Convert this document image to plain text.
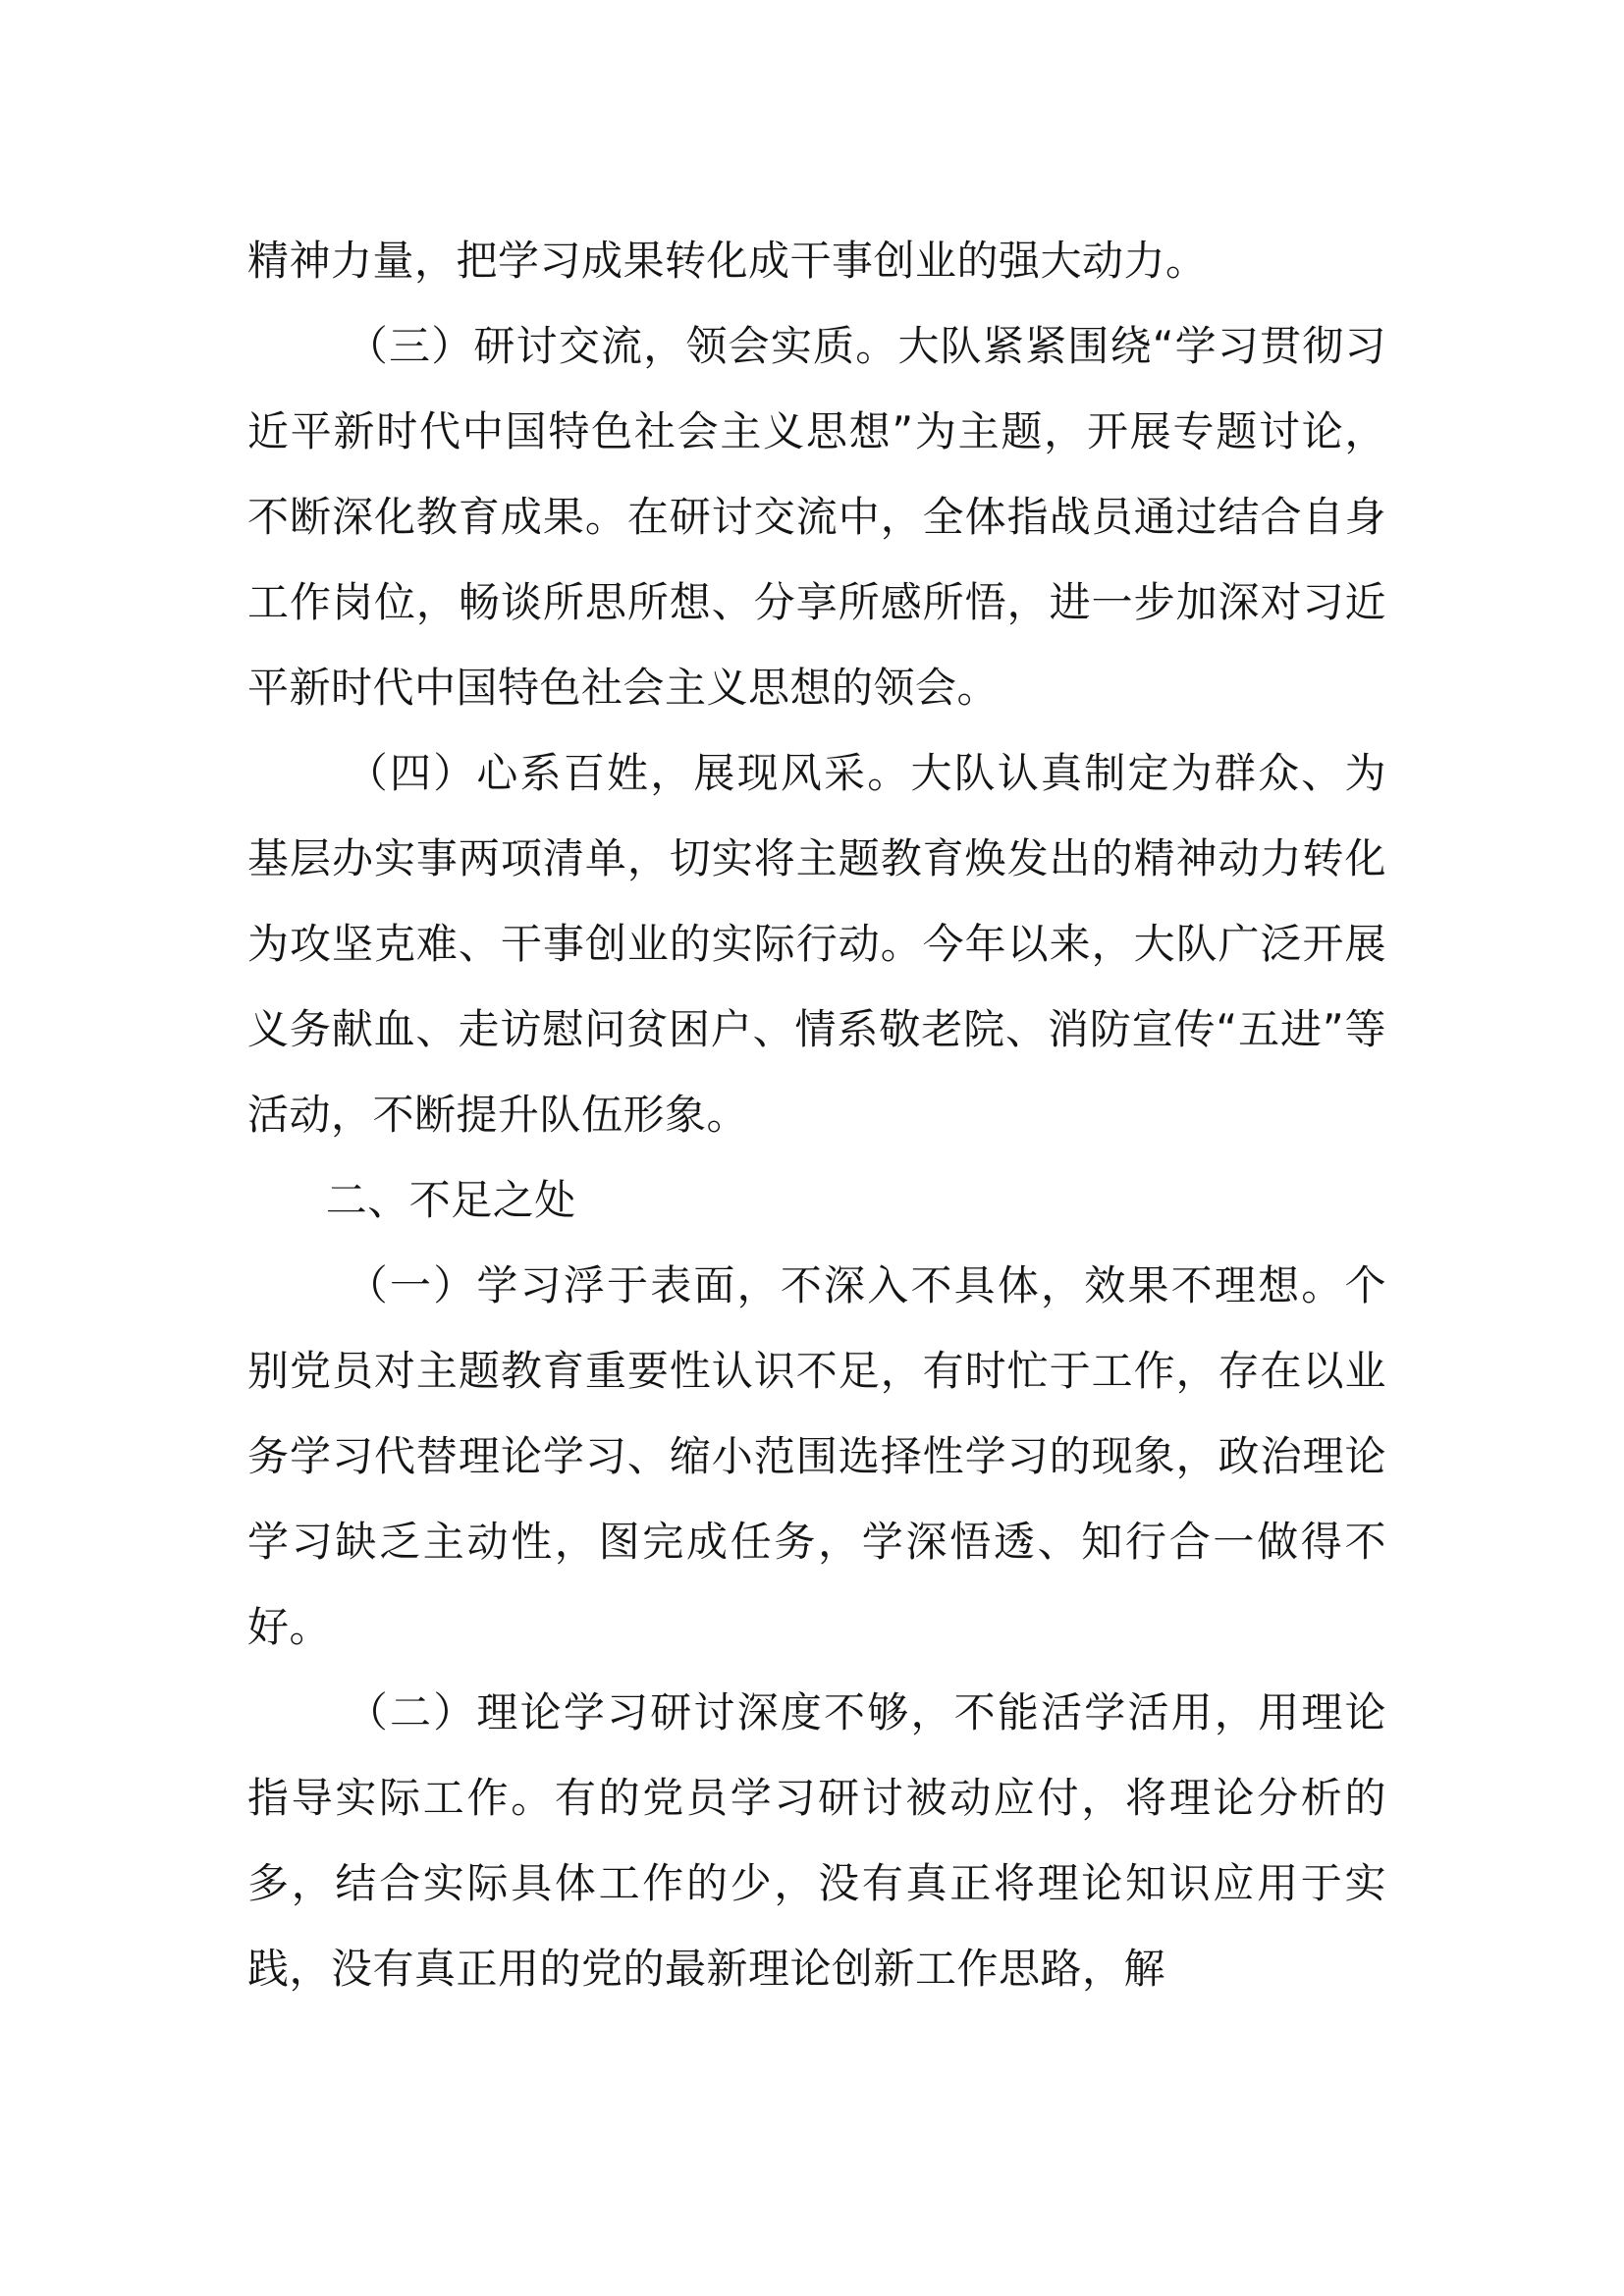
精神力量，把学习成果转化成干事创业的强大动力。

（三）研讨交流，领会实质。大队紧紧围绕“学习贯彻习近平新时代中国特色社会主义思想”为主题，开展专题讨论，不断深化教育成果。在研讨交流中，全体指战员通过结合自身工作岗位，畅谈所思所想、分享所感所悟，进一步加深对习近平新时代中国特色社会主义思想的领会。

（四）心系百姓，展现风采。大队认真制定为群众、为基层办实事两项清单，切实将主题教育焕发出的精神动力转化为攻坚克难、干事创业的实际行动。今年以来，大队广泛开展义务献血、走访慰问贫困户、情系敬老院、消防宣传“五进”等活动，不断提升队伍形象。

二、不足之处

（一）学习浮于表面，不深入不具体，效果不理想。个别党员对主题教育重要性认识不足，有时忙于工作，存在以业务学习代替理论学习、缩小范围选择性学习的现象，政治理论学习缺乏主动性，图完成任务，学深悟透、知行合一做得不好。

（二）理论学习研讨深度不够，不能活学活用，用理论指导实际工作。有的党员学习研讨被动应付，将理论分析的多，结合实际具体工作的少，没有真正将理论知识应用于实践，没有真正用的党的最新理论创新工作思路，解
